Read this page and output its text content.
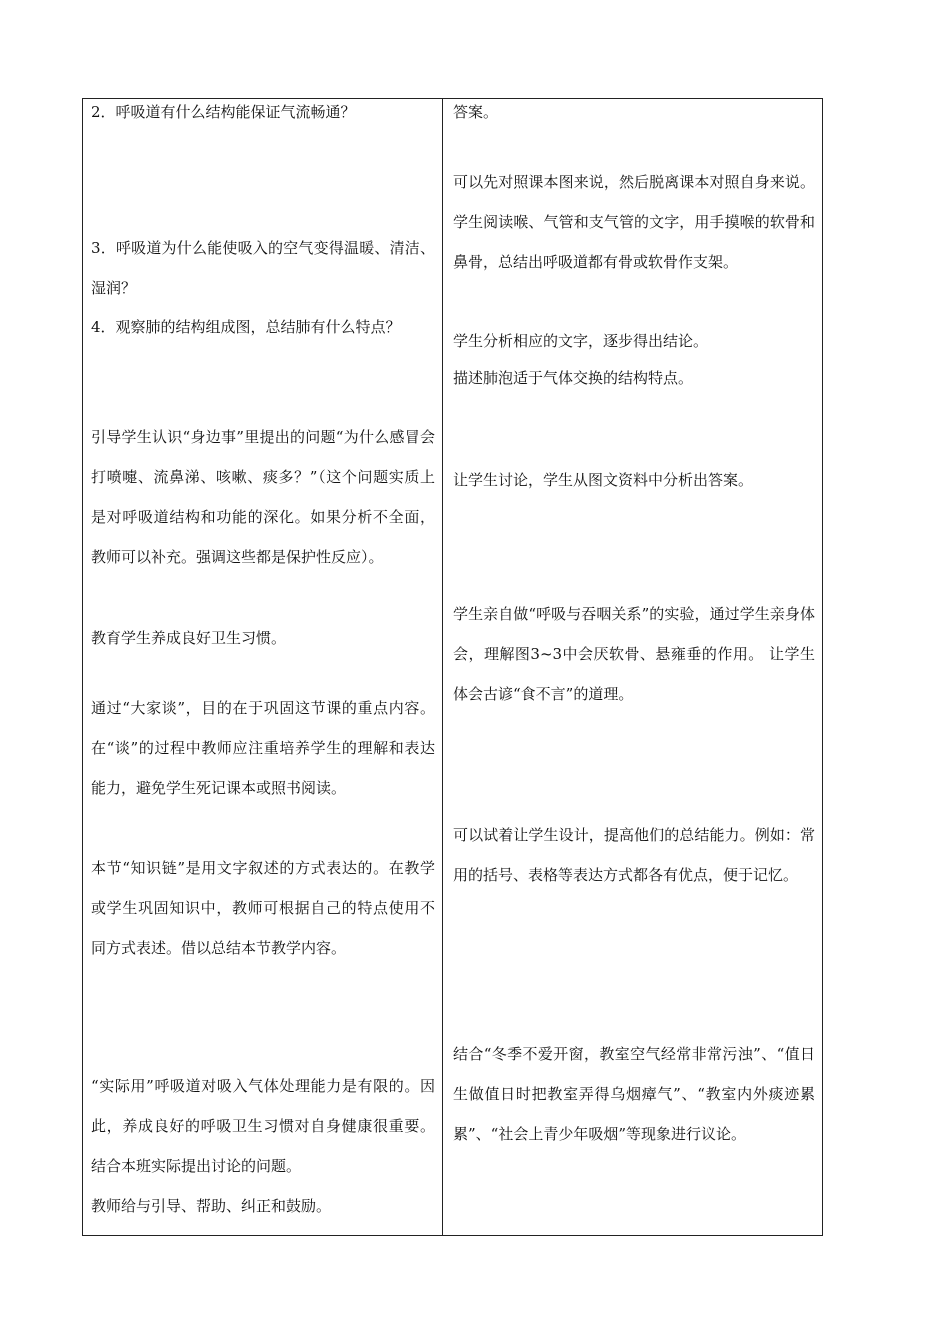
2．呼吸道有什么结构能保证气流畅通？

3．呼吸道为什么能使吸入的空气变得温暖、清洁、湿润？

4．观察肺的结构组成图，总结肺有什么特点？

引导学生认识“身边事”里提出的问题“为什么感冒会打喷嚏、流鼻涕、咳嗽、痰多？”（这个问题实质上是对呼吸道结构和功能的深化。如果分析不全面，教师可以补充。强调这些都是保护性反应）。

教育学生养成良好卫生习惯。

通过“大家谈”，目的在于巩固这节课的重点内容。在“谈”的过程中教师应注重培养学生的理解和表达能力，避免学生死记课本或照书阅读。

本节“知识链”是用文字叙述的方式表达的。在教学或学生巩固知识中，教师可根据自己的特点使用不同方式表述。借以总结本节教学内容。

“实际用”呼吸道对吸入气体处理能力是有限的。因此，养成良好的呼吸卫生习惯对自身健康很重要。结合本班实际提出讨论的问题。

教师给与引导、帮助、纠正和鼓励。

答案。

可以先对照课本图来说，然后脱离课本对照自身来说。学生阅读喉、气管和支气管的文字，用手摸喉的软骨和鼻骨，总结出呼吸道都有骨或软骨作支架。

学生分析相应的文字，逐步得出结论。

描述肺泡适于气体交换的结构特点。

让学生讨论，学生从图文资料中分析出答案。

学生亲自做“呼吸与吞咽关系”的实验，通过学生亲身体会，理解图3~3中会厌软骨、悬雍垂的作用。 让学生体会古谚“食不言”的道理。

可以试着让学生设计，提高他们的总结能力。例如：常用的括号、表格等表达方式都各有优点，便于记忆。

结合“冬季不爱开窗，教室空气经常非常污浊”、“值日生做值日时把教室弄得乌烟瘴气”、“教室内外痰迹累累”、“社会上青少年吸烟”等现象进行议论。
